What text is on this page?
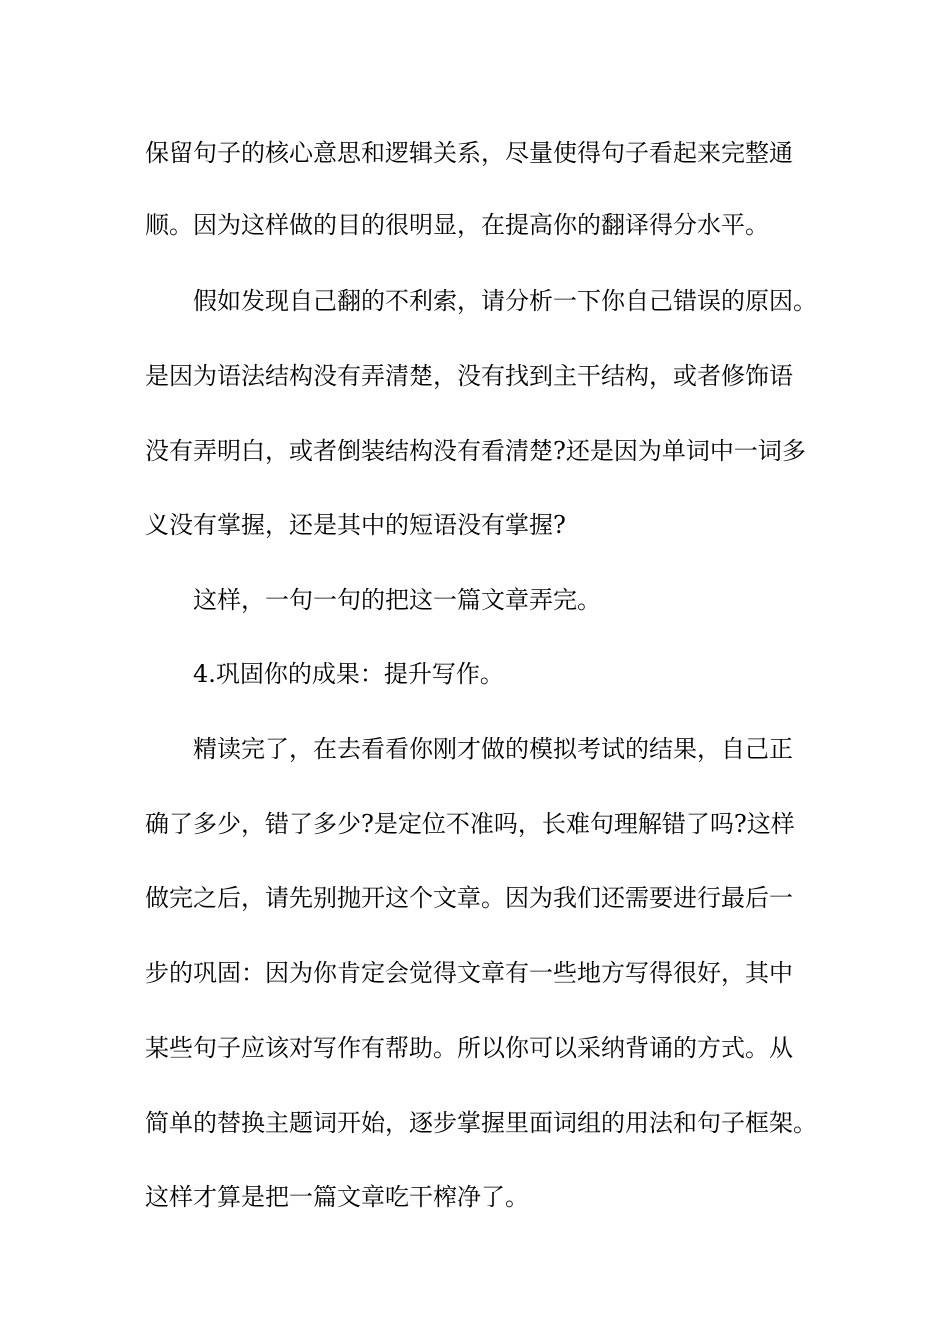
保留句子的核心意思和逻辑关系，尽量使得句子看起来完整通
顺。因为这样做的目的很明显，在提高你的翻译得分水平。
假如发现自己翻的不利索，请分析一下你自己错误的原因。
是因为语法结构没有弄清楚，没有找到主干结构，或者修饰语
没有弄明白，或者倒装结构没有看清楚?还是因为单词中一词多
义没有掌握，还是其中的短语没有掌握?
这样，一句一句的把这一篇文章弄完。
4.巩固你的成果：提升写作。
精读完了，在去看看你刚才做的模拟考试的结果，自己正
确了多少，错了多少?是定位不准吗，长难句理解错了吗?这样
做完之后，请先别抛开这个文章。因为我们还需要进行最后一
步的巩固：因为你肯定会觉得文章有一些地方写得很好，其中
某些句子应该对写作有帮助。所以你可以采纳背诵的方式。从
简单的替换主题词开始，逐步掌握里面词组的用法和句子框架。
这样才算是把一篇文章吃干榨净了。
